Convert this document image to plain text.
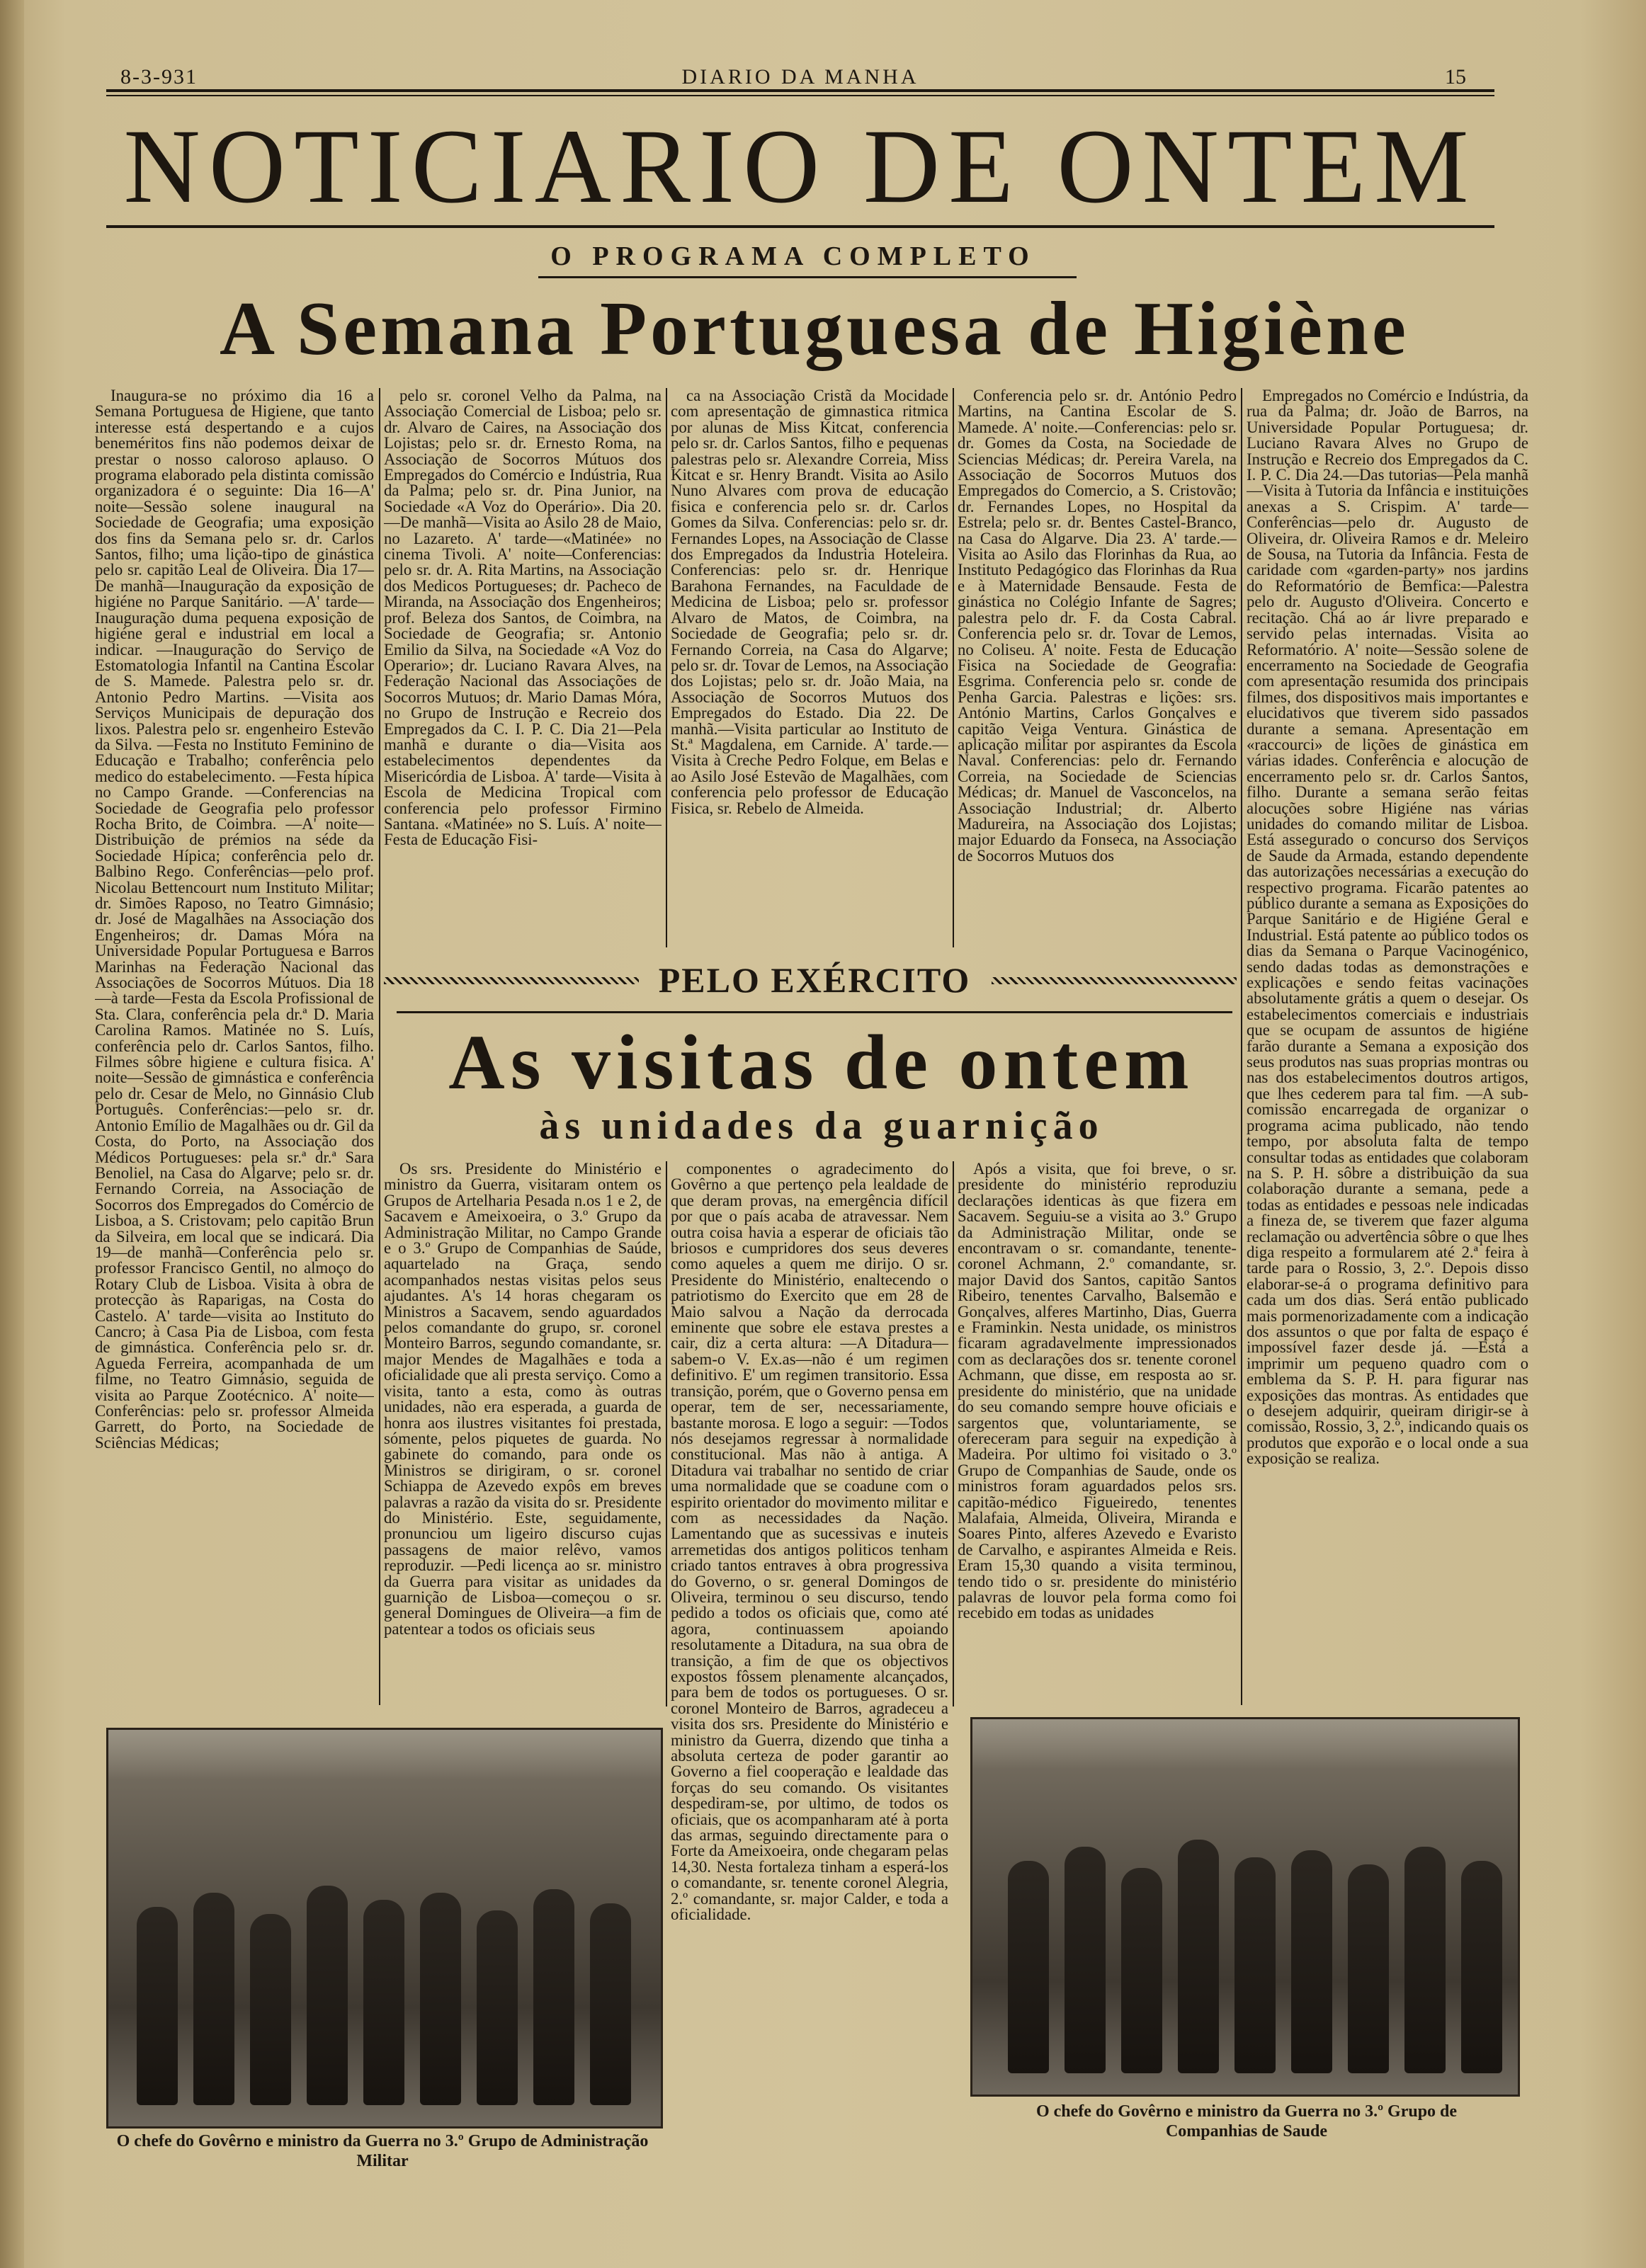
8-3-931	DIARIO DA MANHA	15
NOTICIARIO DE ONTEM
O PROGRAMA COMPLETO
A Semana Portuguesa de Higiène

Inaugura-se no próximo dia 16 a Semana Portuguesa de Higiene, que tanto interesse está despertando e a cujos beneméritos fins não podemos deixar de prestar o nosso caloroso aplauso. O programa elaborado pela distinta comissão organizadora é o seguinte: Dia 16—A' noite—Sessão solene inaugural na Sociedade de Geografia; uma exposição dos fins da Semana pelo sr. dr. Carlos Santos, filho; uma lição-tipo de ginástica pelo sr. capitão Leal de Oliveira. Dia 17—De manhã—Inauguração da exposição de higiéne no Parque Sanitário. —A' tarde—Inauguração duma pequena exposição de higiéne geral e industrial em local a indicar. —Inauguração do Serviço de Estomatologia Infantil na Cantina Escolar de S. Mamede. Palestra pelo sr. dr. Antonio Pedro Martins. —Visita aos Serviços Municipais de depuração dos lixos. Palestra pelo sr. engenheiro Estevão da Silva. —Festa no Instituto Feminino de Educação e Trabalho; conferência pelo medico do estabelecimento. —Festa hípica no Campo Grande. —Conferencias na Sociedade de Geografia pelo professor Rocha Brito, de Coimbra. —A' noite—Distribuição de prémios na séde da Sociedade Hípica; conferência pelo dr. Balbino Rego. Conferências—pelo prof. Nicolau Bettencourt num Instituto Militar; dr. Simões Raposo, no Teatro Gimnásio; dr. José de Magalhães na Associação dos Engenheiros; dr. Damas Móra na Universidade Popular Portuguesa e Barros Marinhas na Federação Nacional das Associações de Socorros Mútuos. Dia 18—à tarde—Festa da Escola Profissional de Sta. Clara, conferência pela dr.ª D. Maria Carolina Ramos. Matinée no S. Luís, conferência pelo dr. Carlos Santos, filho. Filmes sôbre higiene e cultura fisica. A' noite—Sessão de gimnástica e conferência pelo dr. Cesar de Melo, no Ginnásio Club Português. Conferências:—pelo sr. dr. Antonio Emílio de Magalhães ou dr. Gil da Costa, do Porto, na Associação dos Médicos Portugueses: pela sr.ª dr.ª Sara Benoliel, na Casa do Algarve; pelo sr. dr. Fernando Correia, na Associação de Socorros dos Empregados do Comércio de Lisboa, a S. Cristovam; pelo capitão Brun da Silveira, em local que se indicará. Dia 19—de manhã—Conferência pelo sr. professor Francisco Gentil, no almoço do Rotary Club de Lisboa. Visita à obra de protecção às Raparigas, na Costa do Castelo. A' tarde—visita ao Instituto do Cancro; à Casa Pia de Lisboa, com festa de gimnástica. Conferência pelo sr. dr. Agueda Ferreira, acompanhada de um filme, no Teatro Gimnásio, seguida de visita ao Parque Zootécnico. A' noite—Conferências: pelo sr. professor Almeida Garrett, do Porto, na Sociedade de Sciências Médicas;

pelo sr. coronel Velho da Palma, na Associação Comercial de Lisboa; pelo sr. dr. Alvaro de Caires, na Associação dos Lojistas; pelo sr. dr. Ernesto Roma, na Associação de Socorros Mútuos dos Empregados do Comércio e Indústria, Rua da Palma; pelo sr. dr. Pina Junior, na Sociedade «A Voz do Operário». Dia 20.—De manhã—Visita ao Asilo 28 de Maio, no Lazareto. A' tarde—«Matinée» no cinema Tivoli. A' noite—Conferencias: pelo sr. dr. A. Rita Martins, na Associação dos Medicos Portugueses; dr. Pacheco de Miranda, na Associação dos Engenheiros; prof. Beleza dos Santos, de Coimbra, na Sociedade de Geografia; sr. Antonio Emilio da Silva, na Sociedade «A Voz do Operario»; dr. Luciano Ravara Alves, na Federação Nacional das Associações de Socorros Mutuos; dr. Mario Damas Móra, no Grupo de Instrução e Recreio dos Empregados da C. I. P. C. Dia 21—Pela manhã e durante o dia—Visita aos estabelecimentos dependentes da Misericórdia de Lisboa. A' tarde—Visita à Escola de Medicina Tropical com conferencia pelo professor Firmino Santana. «Matinée» no S. Luís. A' noite—Festa de Educação Fisi-

ca na Associação Cristã da Mocidade com apresentação de gimnastica ritmica por alunas de Miss Kitcat, conferencia pelo sr. dr. Carlos Santos, filho e pequenas palestras pelo sr. Alexandre Correia, Miss Kitcat e sr. Henry Brandt. Visita ao Asilo Nuno Alvares com prova de educação fisica e conferencia pelo sr. dr. Carlos Gomes da Silva. Conferencias: pelo sr. dr. Fernandes Lopes, na Associação de Classe dos Empregados da Industria Hoteleira. Conferencias: pelo sr. dr. Henrique Barahona Fernandes, na Faculdade de Medicina de Lisboa; pelo sr. professor Alvaro de Matos, de Coimbra, na Sociedade de Geografia; pelo sr. dr. Fernando Correia, na Casa do Algarve; pelo sr. dr. Tovar de Lemos, na Associação dos Lojistas; pelo sr. dr. João Maia, na Associação de Socorros Mutuos dos Empregados do Estado. Dia 22. De manhã.—Visita particular ao Instituto de St.ª Magdalena, em Carnide. A' tarde.—Visita à Creche Pedro Folque, em Belas e ao Asilo José Estevão de Magalhães, com conferencia pelo professor de Educação Fisica, sr. Rebelo de Almeida.

Conferencia pelo sr. dr. António Pedro Martins, na Cantina Escolar de S. Mamede. A' noite.—Conferencias: pelo sr. dr. Gomes da Costa, na Sociedade de Sciencias Médicas; dr. Pereira Varela, na Associação de Socorros Mutuos dos Empregados do Comercio, a S. Cristovão; dr. Fernandes Lopes, no Hospital da Estrela; pelo sr. dr. Bentes Castel-Branco, na Casa do Algarve. Dia 23. A' tarde.—Visita ao Asilo das Florinhas da Rua, ao Instituto Pedagógico das Florinhas da Rua e à Maternidade Bensaude. Festa de ginástica no Colégio Infante de Sagres; palestra pelo dr. F. da Costa Cabral. Conferencia pelo sr. dr. Tovar de Lemos, no Coliseu. A' noite. Festa de Educação Fisica na Sociedade de Geografia: Esgrima. Conferencia pelo sr. conde de Penha Garcia. Palestras e lições: srs. António Martins, Carlos Gonçalves e capitão Veiga Ventura. Ginástica de aplicação militar por aspirantes da Escola Naval. Conferencias: pelo dr. Fernando Correia, na Sociedade de Sciencias Médicas; dr. Manuel de Vasconcelos, na Associação Industrial; dr. Alberto Madureira, na Associação dos Lojistas; major Eduardo da Fonseca, na Associação de Socorros Mutuos dos

Empregados no Comércio e Indústria, da rua da Palma; dr. João de Barros, na Universidade Popular Portuguesa; dr. Luciano Ravara Alves no Grupo de Instrução e Recreio dos Empregados da C. I. P. C. Dia 24.—Das tutorias—Pela manhã—Visita à Tutoria da Infância e instituições anexas a S. Crispim. A' tarde—Conferências—pelo dr. Augusto de Oliveira, dr. Oliveira Ramos e dr. Meleiro de Sousa, na Tutoria da Infância. Festa de caridade com «garden-party» nos jardins do Reformatório de Bemfica:—Palestra pelo dr. Augusto d'Oliveira. Concerto e recitação. Chá ao ár livre preparado e servido pelas internadas. Visita ao Reformatório. A' noite—Sessão solene de encerramento na Sociedade de Geografia com apresentação resumida dos principais filmes, dos dispositivos mais importantes e elucidativos que tiverem sido passados durante a semana. Apresentação em «raccourci» de lições de ginástica em várias idades. Conferência e alocução de encerramento pelo sr. dr. Carlos Santos, filho. Durante a semana serão feitas alocuções sobre Higiéne nas várias unidades do comando militar de Lisboa. Está assegurado o concurso dos Serviços de Saude da Armada, estando dependente das autorizações necessárias a execução do respectivo programa. Ficarão patentes ao público durante a semana as Exposições do Parque Sanitário e de Higiéne Geral e Industrial. Está patente ao público todos os dias da Semana o Parque Vacinogénico, sendo dadas todas as demonstrações e explicações e sendo feitas vacinações absolutamente grátis a quem o desejar. Os estabelecimentos comerciais e industriais que se ocupam de assuntos de higiéne farão durante a Semana a exposição dos seus produtos nas suas proprias montras ou nas dos estabelecimentos doutros artigos, que lhes cederem para tal fim. —A sub-comissão encarregada de organizar o programa acima publicado, não tendo tempo, por absoluta falta de tempo consultar todas as entidades que colaboram na S. P. H. sôbre a distribuição da sua colaboração durante a semana, pede a todas as entidades e pessoas nele indicadas a fineza de, se tiverem que fazer alguma reclamação ou advertência sôbre o que lhes diga respeito a formularem até 2.ª feira à tarde para o Rossio, 3, 2.º. Depois disso elaborar-se-á o programa definitivo para cada um dos dias. Será então publicado mais pormenorizadamente com a indicação dos assuntos o que por falta de espaço é impossível fazer desde já. —Está a imprimir um pequeno quadro com o emblema da S. P. H. para figurar nas exposições das montras. As entidades que o desejem adquirir, queiram dirigir-se à comissão, Rossio, 3, 2.º, indicando quais os produtos que exporão e o local onde a sua exposição se realiza.

PELO EXÉRCITO
As visitas de ontem
às unidades da guarnição

Os srs. Presidente do Ministério e ministro da Guerra, visitaram ontem os Grupos de Artelharia Pesada n.os 1 e 2, de Sacavem e Ameixoeira, o 3.º Grupo da Administração Militar, no Campo Grande e o 3.º Grupo de Companhias de Saúde, aquartelado na Graça, sendo acompanhados nestas visitas pelos seus ajudantes. A's 14 horas chegaram os Ministros a Sacavem, sendo aguardados pelos comandante do grupo, sr. coronel Monteiro Barros, segundo comandante, sr. major Mendes de Magalhães e toda a oficialidade que ali presta serviço. Como a visita, tanto a esta, como às outras unidades, não era esperada, a guarda de honra aos ilustres visitantes foi prestada, sómente, pelos piquetes de guarda. No gabinete do comando, para onde os Ministros se dirigiram, o sr. coronel Schiappa de Azevedo expôs em breves palavras a razão da visita do sr. Presidente do Ministério. Este, seguidamente, pronunciou um ligeiro discurso cujas passagens de maior relêvo, vamos reproduzir. —Pedi licença ao sr. ministro da Guerra para visitar as unidades da guarnição de Lisboa—começou o sr. general Domingues de Oliveira—a fim de patentear a todos os oficiais seus

componentes o agradecimento do Govêrno a que pertenço pela lealdade de que deram provas, na emergência difícil por que o país acaba de atravessar. Nem outra coisa havia a esperar de oficiais tão briosos e cumpridores dos seus deveres como aqueles a quem me dirijo. O sr. Presidente do Ministério, enaltecendo o patriotismo do Exercito que em 28 de Maio salvou a Nação da derrocada eminente que sobre ele estava prestes a cair, diz a certa altura: —A Ditadura—sabem-o V. Ex.as—não é um regimen definitivo. E' um regimen transitorio. Essa transição, porém, que o Governo pensa em operar, tem de ser, necessariamente, bastante morosa. E logo a seguir: —Todos nós desejamos regressar à normalidade constitucional. Mas não à antiga. A Ditadura vai trabalhar no sentido de criar uma normalidade que se coadune com o espirito orientador do movimento militar e com as necessidades da Nação. Lamentando que as sucessivas e inuteis arremetidas dos antigos politicos tenham criado tantos entraves à obra progressiva do Governo, o sr. general Domingos de Oliveira, terminou o seu discurso, tendo pedido a todos os oficiais que, como até agora, continuassem apoiando resolutamente a Ditadura, na sua obra de transição, a fim de que os objectivos expostos fôssem plenamente alcançados, para bem de todos os portugueses. O sr. coronel Monteiro de Barros, agradeceu a visita dos srs. Presidente do Ministério e ministro da Guerra, dizendo que tinha a absoluta certeza de poder garantir ao Governo a fiel cooperação e lealdade das forças do seu comando. Os visitantes despediram-se, por ultimo, de todos os oficiais, que os acompanharam até à porta das armas, seguindo directamente para o Forte da Ameixoeira, onde chegaram pelas 14,30. Nesta fortaleza tinham a esperá-los o comandante, sr. tenente coronel Alegria, 2.º comandante, sr. major Calder, e toda a oficialidade.

Após a visita, que foi breve, o sr. presidente do ministério reproduziu declarações identicas às que fizera em Sacavem. Seguiu-se a visita ao 3.º Grupo da Administração Militar, onde se encontravam o sr. comandante, tenente-coronel Achmann, 2.º comandante, sr. major David dos Santos, capitão Santos Ribeiro, tenentes Carvalho, Balsemão e Gonçalves, alferes Martinho, Dias, Guerra e Framinkin. Nesta unidade, os ministros ficaram agradavelmente impressionados com as declarações dos sr. tenente coronel Achmann, que disse, em resposta ao sr. presidente do ministério, que na unidade do seu comando sempre houve oficiais e sargentos que, voluntariamente, se ofereceram para seguir na expedição à Madeira. Por ultimo foi visitado o 3.º Grupo de Companhias de Saude, onde os ministros foram aguardados pelos srs. capitão-médico Figueiredo, tenentes Malafaia, Almeida, Oliveira, Miranda e Soares Pinto, alferes Azevedo e Evaristo de Carvalho, e aspirantes Almeida e Reis. Eram 15,30 quando a visita terminou, tendo tido o sr. presidente do ministério palavras de louvor pela forma como foi recebido em todas as unidades

O chefe do Govêrno e ministro da Guerra no 3.º Grupo de Administração Militar
O chefe do Govêrno e ministro da Guerra no 3.º Grupo de Companhias de Saude
